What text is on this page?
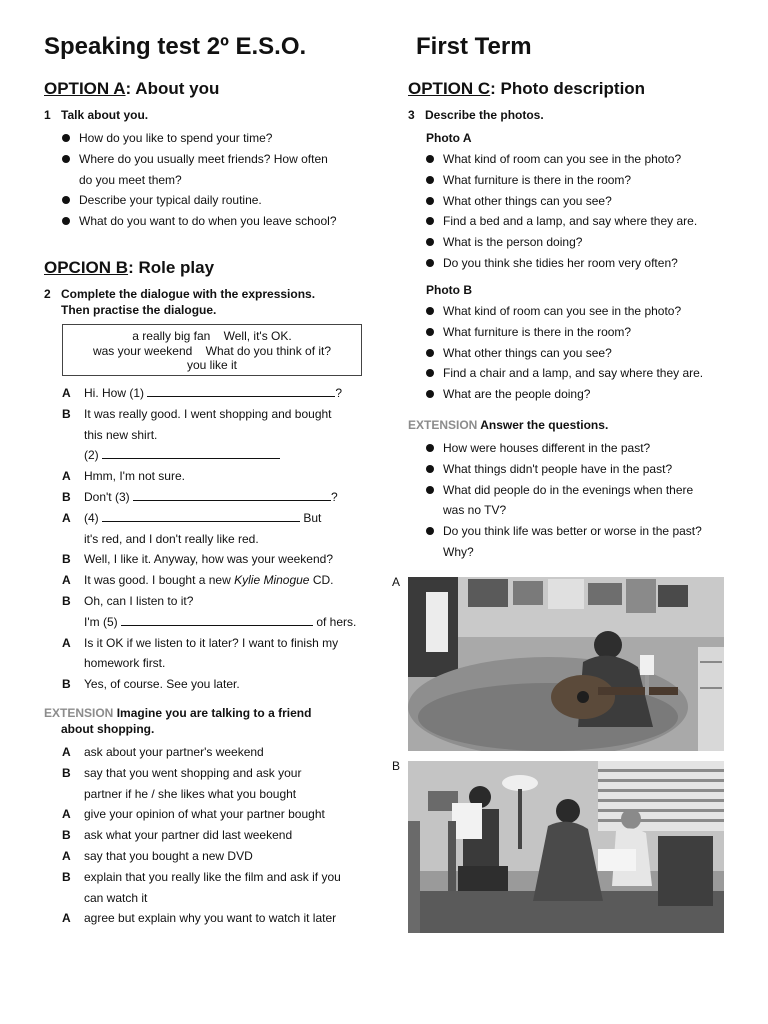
Speaking test 2º E.S.O.	First Term
OPTION A: About you
1 Talk about you.
How do you like to spend your time?
Where do you usually meet friends? How often
do you meet them?
Describe your typical daily routine.
What do you want to do when you leave school?
OPCION B: Role play
2 Complete the dialogue with the expressions.
Then practise the dialogue.
a really big fan    Well, it's OK.
was your weekend    What do you think of it?
you like it
A Hi. How (1)	?
B It was really good. I went shopping and bought
this new shirt.
(2)
A Hmm, I'm not sure.
B Don't (3)	?
A (4)	But
it's red, and I don't really like red.
B Well, I like it. Anyway, how was your weekend?
A It was good. I bought a new Kylie Minogue CD.
B Oh, can I listen to it?
I'm (5)	of hers.
A Is it OK if we listen to it later? I want to finish my
homework first.
B Yes, of course. See you later.
EXTENSION Imagine you are talking to a friend
about shopping.
A ask about your partner's weekend
B say that you went shopping and ask your
partner if he / she likes what you bought
A give your opinion of what your partner bought
B ask what your partner did last weekend
A say that you bought a new DVD
B explain that you really like the film and ask if you
can watch it
A agree but explain why you want to watch it later
OPTION C: Photo description
3 Describe the photos.
Photo A
What kind of room can you see in the photo?
What furniture is there in the room?
What other things can you see?
Find a bed and a lamp, and say where they are.
What is the person doing?
Do you think she tidies her room very often?
Photo B
What kind of room can you see in the photo?
What furniture is there in the room?
What other things can you see?
Find a chair and a lamp, and say where they are.
What are the people doing?
EXTENSION Answer the questions.
How were houses different in the past?
What things didn't people have in the past?
What did people do in the evenings when there
was no TV?
Do you think life was better or worse in the past?
Why?
A
B
